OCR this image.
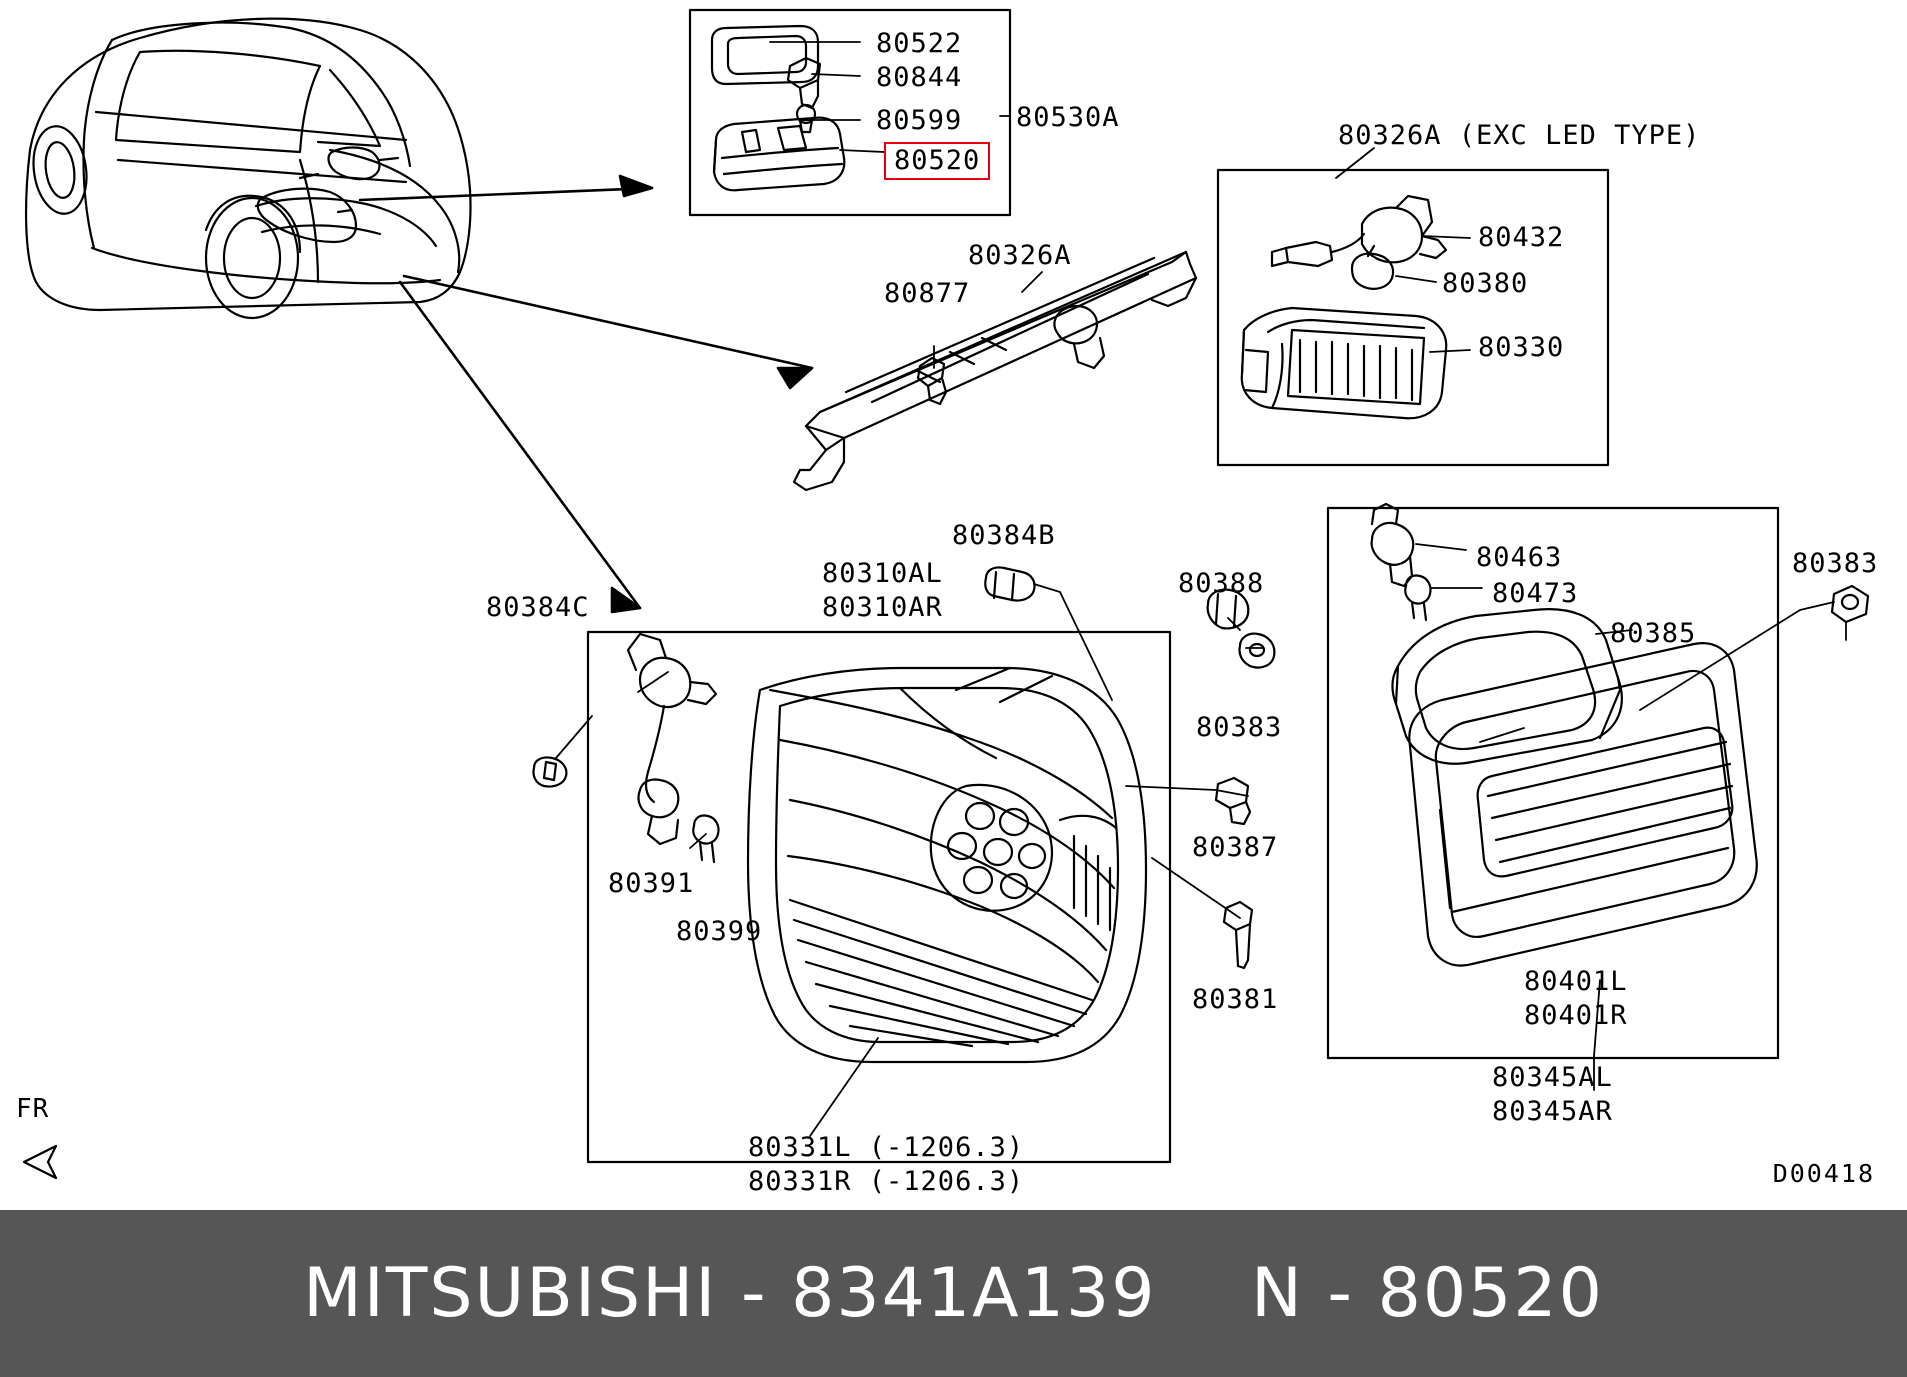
80522
80844
80599
80520
80530A
80326A (EXC LED TYPE)
80432
80380
80330
80326A
80877
80384B
80310AL
80310AR
80388
80463
80473
80385
80383
80384C
80383
80387
80391
80399
80381
80401L
80401R
80345AL
80345AR
80331L (-1206.3)
80331R (-1206.3)
FR
D00418
MITSUBISHI - 8341A139    N - 80520
